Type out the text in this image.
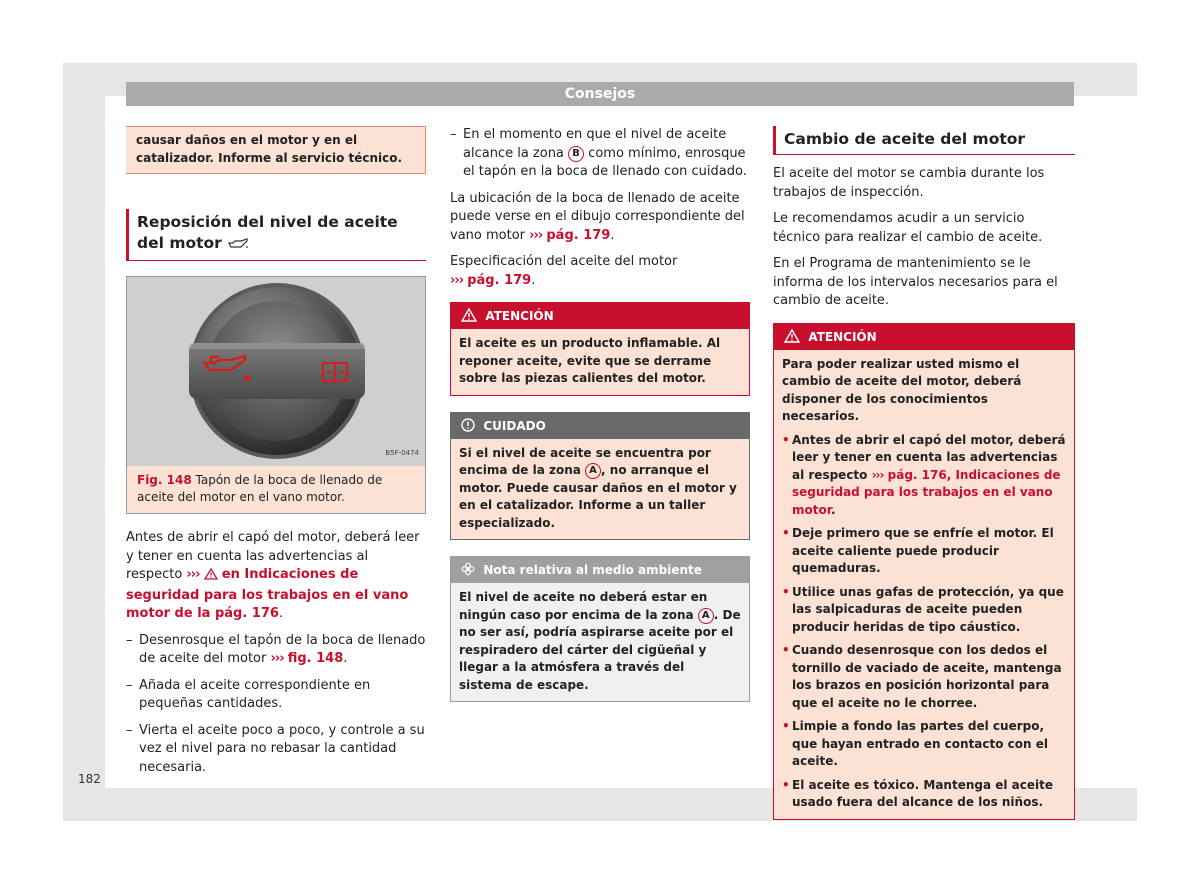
Consejos
causar daños en el motor y en el catalizador. Informe al servicio técnico.
Reposición del nivel de aceite del motor
B5F-0474
Fig. 148 Tapón de la boca de llenado de aceite del motor en el vano motor.

Antes de abrir el capó del motor, deberá leer y tener en cuenta las advertencias al respecto ››› en Indicaciones de seguridad para los trabajos en el vano motor de la pág. 176.

– Desenrosque el tapón de la boca de llenado de aceite del motor ››› fig. 148.
– Añada el aceite correspondiente en pequeñas cantidades.
– Vierta el aceite poco a poco, y controle a su vez el nivel para no rebasar la cantidad necesaria.
– En el momento en que el nivel de aceite alcance la zona B como mínimo, enrosque el tapón en la boca de llenado con cuidado.

La ubicación de la boca de llenado de aceite puede verse en el dibujo correspondiente del vano motor ››› pág. 179.

Especificación del aceite del motor
››› pág. 179.

ATENCIÓN
El aceite es un producto inflamable. Al reponer aceite, evite que se derrame sobre las piezas calientes del motor.
CUIDADO
Si el nivel de aceite se encuentra por encima de la zona A , no arranque el motor. Puede causar daños en el motor y en el catalizador. Informe a un taller especializado.
Nota relativa al medio ambiente
El nivel de aceite no deberá estar en ningún caso por encima de la zona A . De no ser así, podría aspirarse aceite por el respiradero del cárter del cigüeñal y llegar a la atmósfera a través del sistema de escape.
Cambio de aceite del motor

El aceite del motor se cambia durante los trabajos de inspección.

Le recomendamos acudir a un servicio técnico para realizar el cambio de aceite.

En el Programa de mantenimiento se le informa de los intervalos necesarios para el cambio de aceite.

ATENCIÓN
Para poder realizar usted mismo el cambio de aceite del motor, deberá disponer de los conocimientos necesarios.
• Antes de abrir el capó del motor, deberá leer y tener en cuenta las advertencias al respecto ››› pág. 176, Indicaciones de seguridad para los trabajos en el vano motor.
• Deje primero que se enfríe el motor. El aceite caliente puede producir quemaduras.
• Utilice unas gafas de protección, ya que las salpicaduras de aceite pueden producir heridas de tipo cáustico.
• Cuando desenrosque con los dedos el tornillo de vaciado de aceite, mantenga los brazos en posición horizontal para que el aceite no le chorree.
• Limpie a fondo las partes del cuerpo, que hayan entrado en contacto con el aceite.
• El aceite es tóxico. Mantenga el aceite usado fuera del alcance de los niños.
182
